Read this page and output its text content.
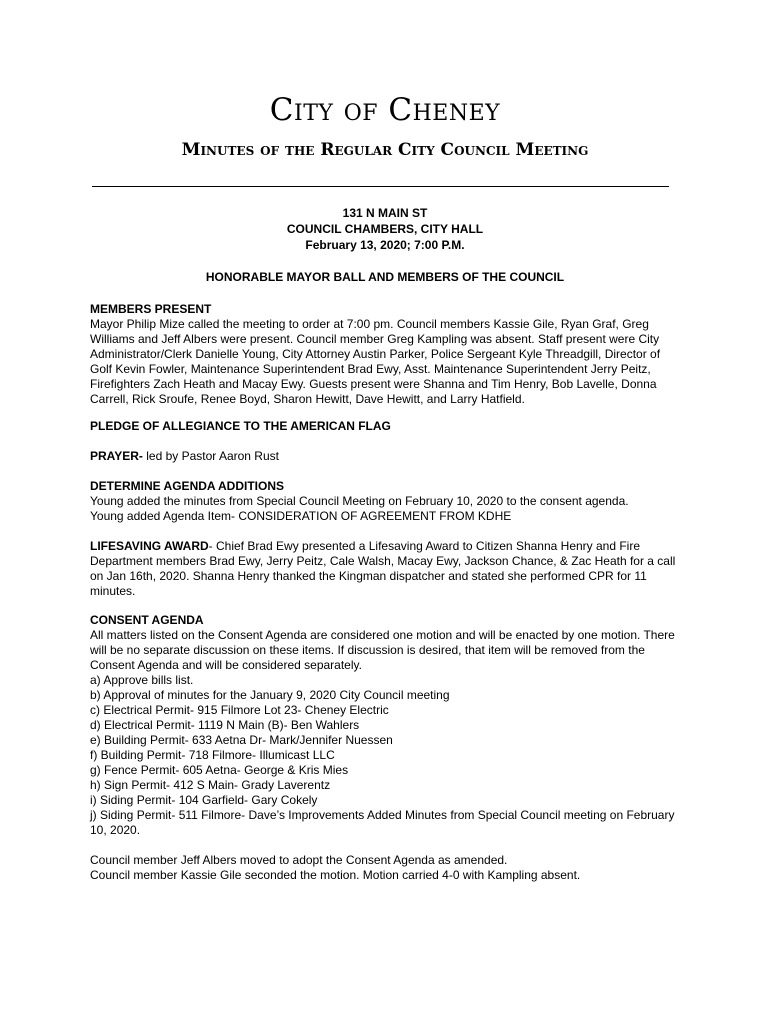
City of Cheney
Minutes of the Regular City Council Meeting
131 N MAIN ST
COUNCIL CHAMBERS, CITY HALL
February 13, 2020; 7:00 P.M.
HONORABLE MAYOR BALL AND MEMBERS OF THE COUNCIL
MEMBERS PRESENT
Mayor Philip Mize called the meeting to order at 7:00 pm. Council members Kassie Gile, Ryan Graf, Greg Williams and Jeff Albers were present. Council member Greg Kampling was absent. Staff present were City Administrator/Clerk Danielle Young, City Attorney Austin Parker, Police Sergeant Kyle Threadgill, Director of Golf Kevin Fowler, Maintenance Superintendent Brad Ewy, Asst. Maintenance Superintendent Jerry Peitz, Firefighters Zach Heath and Macay Ewy. Guests present were Shanna and Tim Henry, Bob Lavelle, Donna Carrell, Rick Sroufe, Renee Boyd, Sharon Hewitt, Dave Hewitt, and Larry Hatfield.
PLEDGE OF ALLEGIANCE TO THE AMERICAN FLAG
PRAYER- led by Pastor Aaron Rust
DETERMINE AGENDA ADDITIONS
Young added the minutes from Special Council Meeting on February 10, 2020 to the consent agenda.
Young added Agenda Item- CONSIDERATION OF AGREEMENT FROM KDHE
LIFESAVING AWARD- Chief Brad Ewy presented a Lifesaving Award to Citizen Shanna Henry and Fire Department members Brad Ewy, Jerry Peitz, Cale Walsh, Macay Ewy, Jackson Chance, & Zac Heath for a call on Jan 16th, 2020. Shanna Henry thanked the Kingman dispatcher and stated she performed CPR for 11 minutes.
CONSENT AGENDA
All matters listed on the Consent Agenda are considered one motion and will be enacted by one motion. There will be no separate discussion on these items. If discussion is desired, that item will be removed from the Consent Agenda and will be considered separately.
a) Approve bills list.
b) Approval of minutes for the January 9, 2020 City Council meeting
c) Electrical Permit- 915 Filmore Lot 23- Cheney Electric
d) Electrical Permit- 1119 N Main (B)- Ben Wahlers
e) Building Permit- 633 Aetna Dr- Mark/Jennifer Nuessen
f) Building Permit- 718 Filmore- Illumicast LLC
g) Fence Permit- 605 Aetna- George & Kris Mies
h) Sign Permit- 412 S Main- Grady Laverentz
i) Siding Permit- 104 Garfield- Gary Cokely
j) Siding Permit- 511 Filmore- Dave’s Improvements Added Minutes from Special Council meeting on February 10, 2020.
Council member Jeff Albers moved to adopt the Consent Agenda as amended.
Council member Kassie Gile seconded the motion. Motion carried 4-0 with Kampling absent.
